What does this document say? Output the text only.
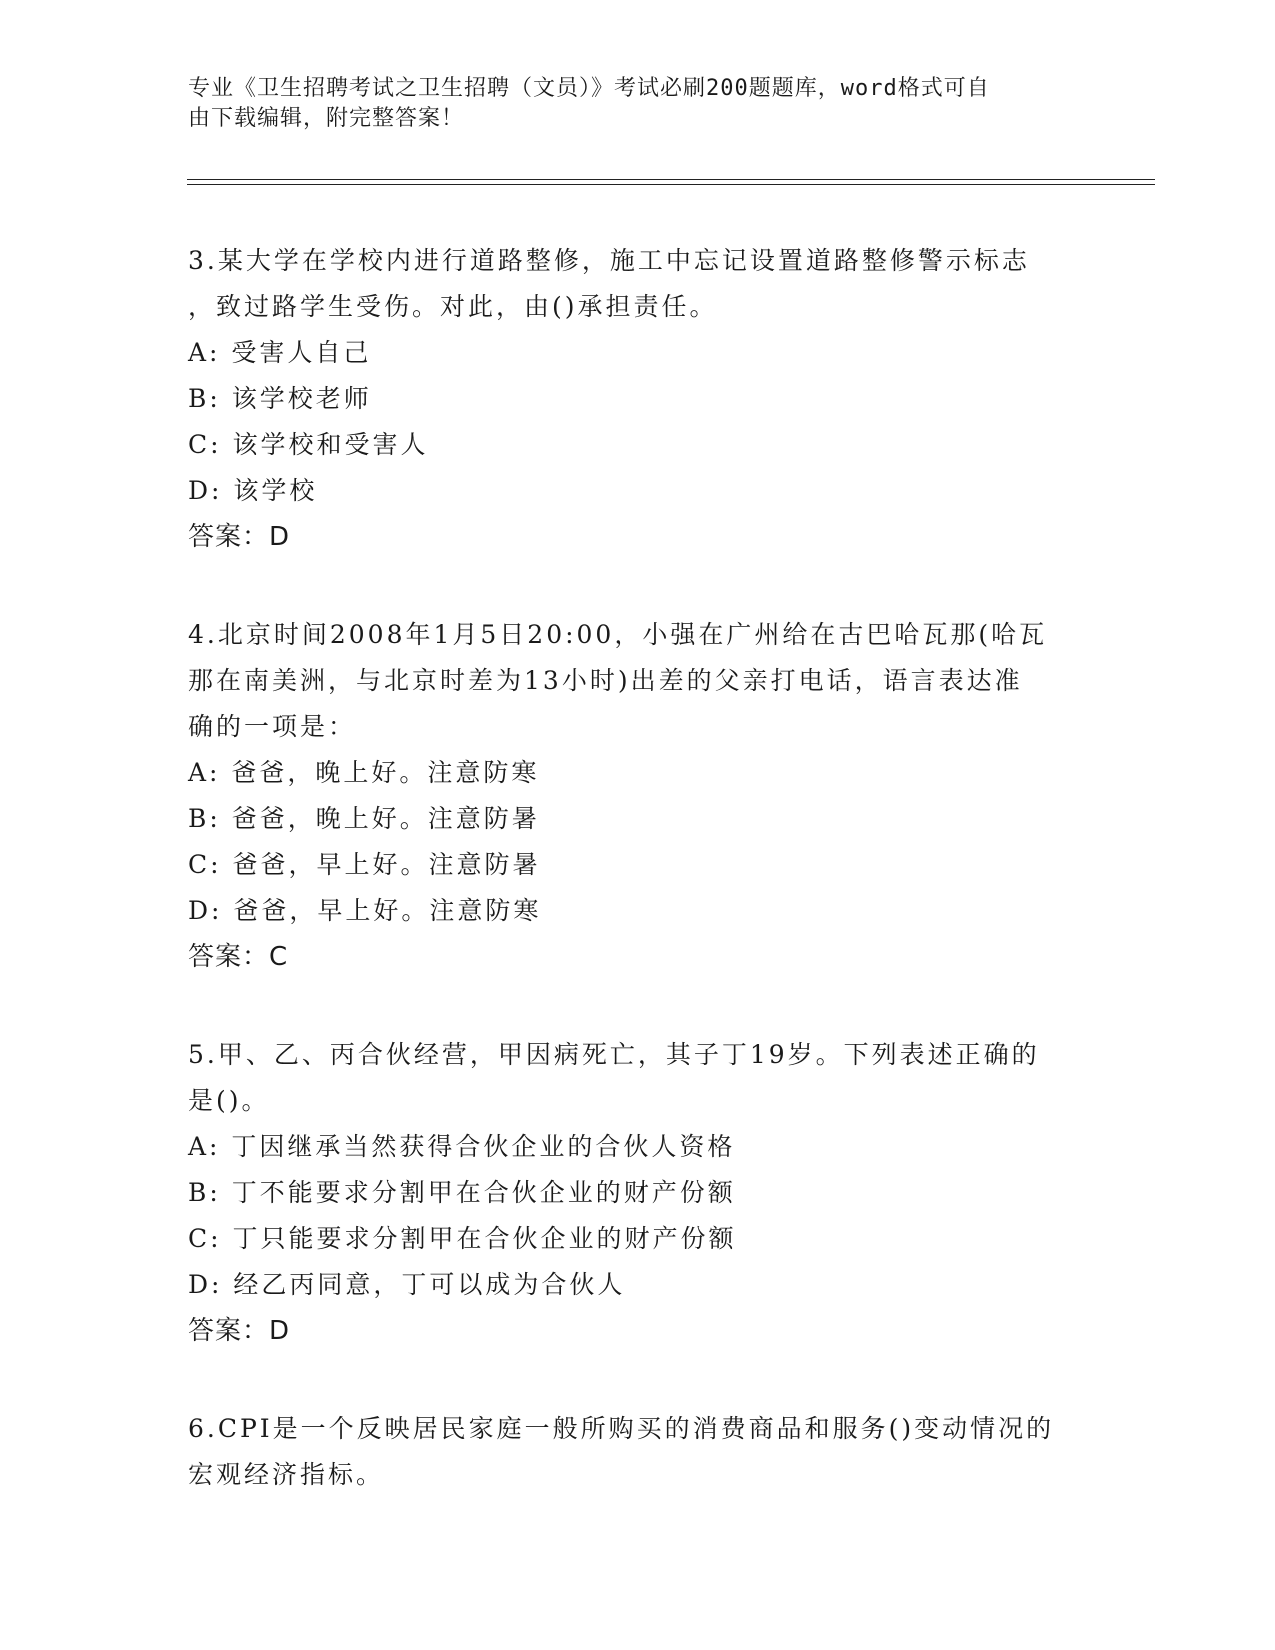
专业《卫生招聘考试之卫生招聘（文员）》考试必刷200题题库，word格式可自
由下载编辑，附完整答案！

3.某大学在学校内进行道路整修，施工中忘记设置道路整修警示标志

，致过路学生受伤。对此，由()承担责任。

A: 受害人自己

B: 该学校老师

C: 该学校和受害人

D: 该学校

答案：D

4.北京时间2008年1月5日20:00，小强在广州给在古巴哈瓦那(哈瓦

那在南美洲，与北京时差为13小时)出差的父亲打电话，语言表达准

确的一项是：

A: 爸爸，晚上好。注意防寒

B: 爸爸，晚上好。注意防暑

C: 爸爸，早上好。注意防暑

D: 爸爸，早上好。注意防寒

答案：C

5.甲、乙、丙合伙经营，甲因病死亡，其子丁19岁。下列表述正确的

是()。

A: 丁因继承当然获得合伙企业的合伙人资格

B: 丁不能要求分割甲在合伙企业的财产份额

C: 丁只能要求分割甲在合伙企业的财产份额

D: 经乙丙同意，丁可以成为合伙人

答案：D

6.CPI是一个反映居民家庭一般所购买的消费商品和服务()变动情况的

宏观经济指标。
